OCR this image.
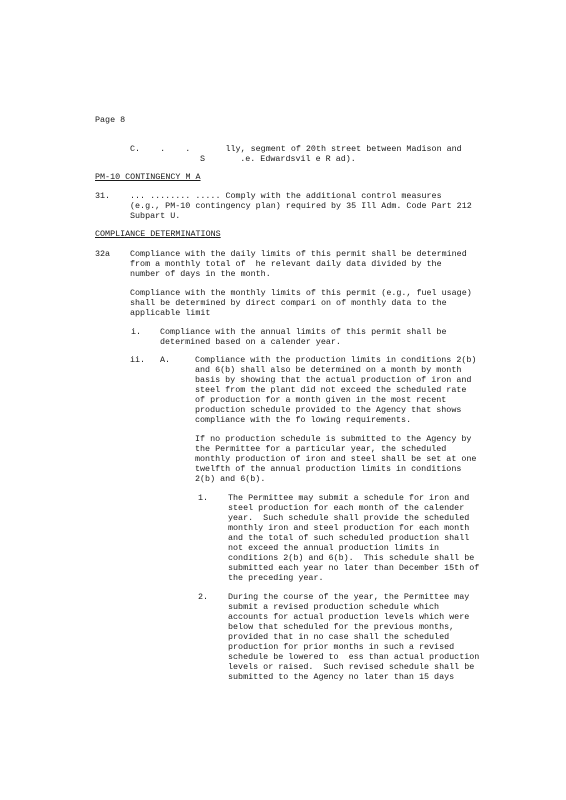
Page 8
C.    .    .       lly, segment of 20th street between Madison and
S       .e. Edwardsvil e R ad).
PM-10 CONTINGENCY M A
31. ... ........ ..... Comply with the additional control measures
(e.g., PM-10 contingency plan) required by 35 Ill Adm. Code Part 212
Subpart U.
COMPLIANCE DETERMINATIONS
32a Compliance with the daily limits of this permit shall be determined
from a monthly total of  he relevant daily data divided by the
number of days in the month.
Compliance with the monthly limits of this permit (e.g., fuel usage)
shall be determined by direct compari on of monthly data to the
applicable limit
i. Compliance with the annual limits of this permit shall be
determined based on a calender year.
ii. A.	Compliance with the production limits in conditions 2(b)
and 6(b) shall also be determined on a month by month
basis by showing that the actual production of iron and
steel from the plant did not exceed the scheduled rate
of production for a month given in the most recent
production schedule provided to the Agency that shows
compliance with the fo lowing requirements.
If no production schedule is submitted to the Agency by
the Permittee for a particular year, the scheduled
monthly production of iron and steel shall be set at one
twelfth of the annual production limits in conditions
2(b) and 6(b).
1. The Permittee may submit a schedule for iron and
steel production for each month of the calender
year.  Such schedule shall provide the scheduled
monthly iron and steel production for each month
and the total of such scheduled production shall
not exceed the annual production limits in
conditions 2(b) and 6(b).  This schedule shall be
submitted each year no later than December 15th of
the preceding year.
2. During the course of the year, the Permittee may
submit a revised production schedule which
accounts for actual production levels which were
below that scheduled for the previous months,
provided that in no case shall the scheduled
production for prior months in such a revised
schedule be lowered to  ess than actual production
levels or raised.  Such revised schedule shall be
submitted to the Agency no later than 15 days
